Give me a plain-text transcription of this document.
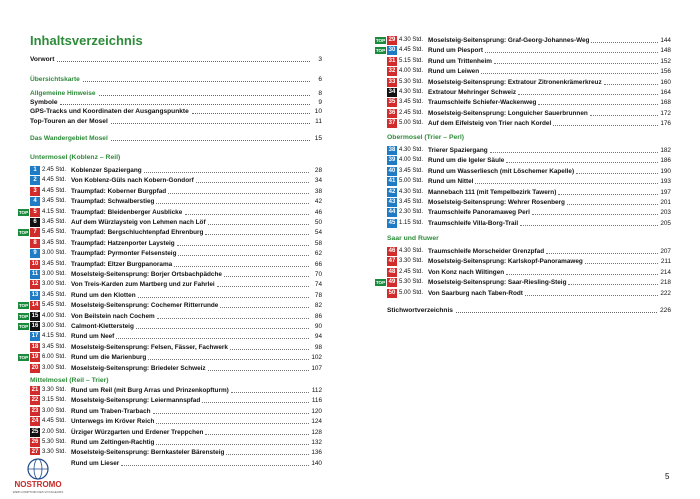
Inhaltsverzeichnis
Vorwort	3
Übersichtskarte	6
Allgemeine Hinweise	8
Symbole	9
GPS-Tracks und Koordinaten der Ausgangspunkte	10
Top-Touren an der Mosel	11
Das Wandergebiet Mosel	15
Untermosel (Koblenz – Reil)
1 2.45 Std. Koblenzer Spaziergang	28
2 4.45 Std. Von Koblenz-Güls nach Kobern-Gondorf	34
3 4.45 Std. Traumpfad: Koberner Burgpfad	38
4 3.45 Std. Traumpfad: Schwalberstieg	42
TOP 5 4.15 Std. Traumpfad: Bleidenberger Ausblicke	46
6 3.45 Std. Auf dem Würzlaysteig von Lehmen nach Löf	50
TOP 7 5.45 Std. Traumpfad: Bergschluchtenpfad Ehrenburg	54
8 3.45 Std. Traumpfad: Hatzenporter Laysteig	58
9 3.00 Std. Traumpfad: Pyrmonter Felsensteig	62
10 3.45 Std. Traumpfad: Eltzer Burgpanorama	66
11 3.00 Std. Moselsteig-Seitensprung: Borjer Ortsbachpädche	70
12 3.00 Std. Von Treis-Karden zum Martberg und zur Fahrlei	74
13 3.45 Std. Rund um den Klotten	78
TOP 14 5.45 Std. Moselsteig-Seitensprung: Cochemer Ritterrunde	82
TOP 15 4.00 Std. Von Beilstein nach Cochem	86
TOP 16 3.00 Std. Calmont-Klettersteig	90
17 4.15 Std. Rund um Neef	94
18 3.45 Std. Moselsteig-Seitensprung: Felsen, Fässer, Fachwerk	98
TOP 19 6.00 Std. Rund um die Marienburg	102
20 3.00 Std. Moselsteig-Seitensprung: Briedeler Schweiz	107
Mittelmosel (Reil – Trier)
21 3.30 Std. Rund um Reil (mit Burg Arras und Prinzenkopfturm)	112
22 3.15 Std. Moselsteig-Seitensprung: Leiermannspfad	116
23 3.00 Std. Rund um Traben-Trarbach	120
24 4.45 Std. Unterwegs im Kröver Reich	124
25 2.00 Std. Ürziger Würzgarten und Erdener Treppchen	128
26 5.30 Std. Rund um Zeltingen-Rachtig	132
27 3.30 Std. Moselsteig-Seitensprung: Bernkasteler Bärensteig	136
Rund um Lieser	140
TOP 29 4.30 Std. Moselsteig-Seitensprung: Graf-Georg-Johannes-Weg	144
TOP 30 4.45 Std. Rund um Piesport	148
31 5.15 Std. Rund um Trittenheim	152
32 4.00 Std. Rund um Leiwen	156
33 5.30 Std. Moselsteig-Seitensprung: Extratour Zitronenkrämerkreuz	160
34 4.30 Std. Extratour Mehringer Schweiz	164
35 3.45 Std. Traumschleife Schiefer-Wackenweg	168
36 2.45 Std. Moselsteig-Seitensprung: Longuicher Sauerbrunnen	172
37 5.00 Std. Auf dem Eifelsteig von Trier nach Kordel	176
Obermosel (Trier – Perl)
38 4.30 Std. Trierer Spaziergang	182
39 4.00 Std. Rund um die Igeler Säule	186
40 3.45 Std. Rund um Wasserliesch (mit Löschemer Kapelle)	190
41 5.00 Std. Rund um Nittel	193
42 4.30 Std. Mannebach 111 (mit Tempelbezirk Tawern)	197
43 3.45 Std. Moselsteig-Seitensprung: Wehrer Rosenberg	201
44 2.30 Std. Traumschleife Panoramaweg Perl	203
45 1.15 Std. Traumschleife Villa-Borg-Trail	205
Saar und Ruwer
46 4.30 Std. Traumschleife Morscheider Grenzpfad	207
47 3.30 Std. Moselsteig-Seitensprung: Karlskopf-Panoramaweg	211
48 2.45 Std. Von Konz nach Wiltingen	214
TOP 49 5.30 Std. Moselsteig-Seitensprung: Saar-Riesling-Steig	218
50 5.00 Std. Von Saarburg nach Taben-Rodt	222
Stichwortverzeichnis	226
NOSTROMO
WEB COMPTOIR DES VOYAGEURS
5
